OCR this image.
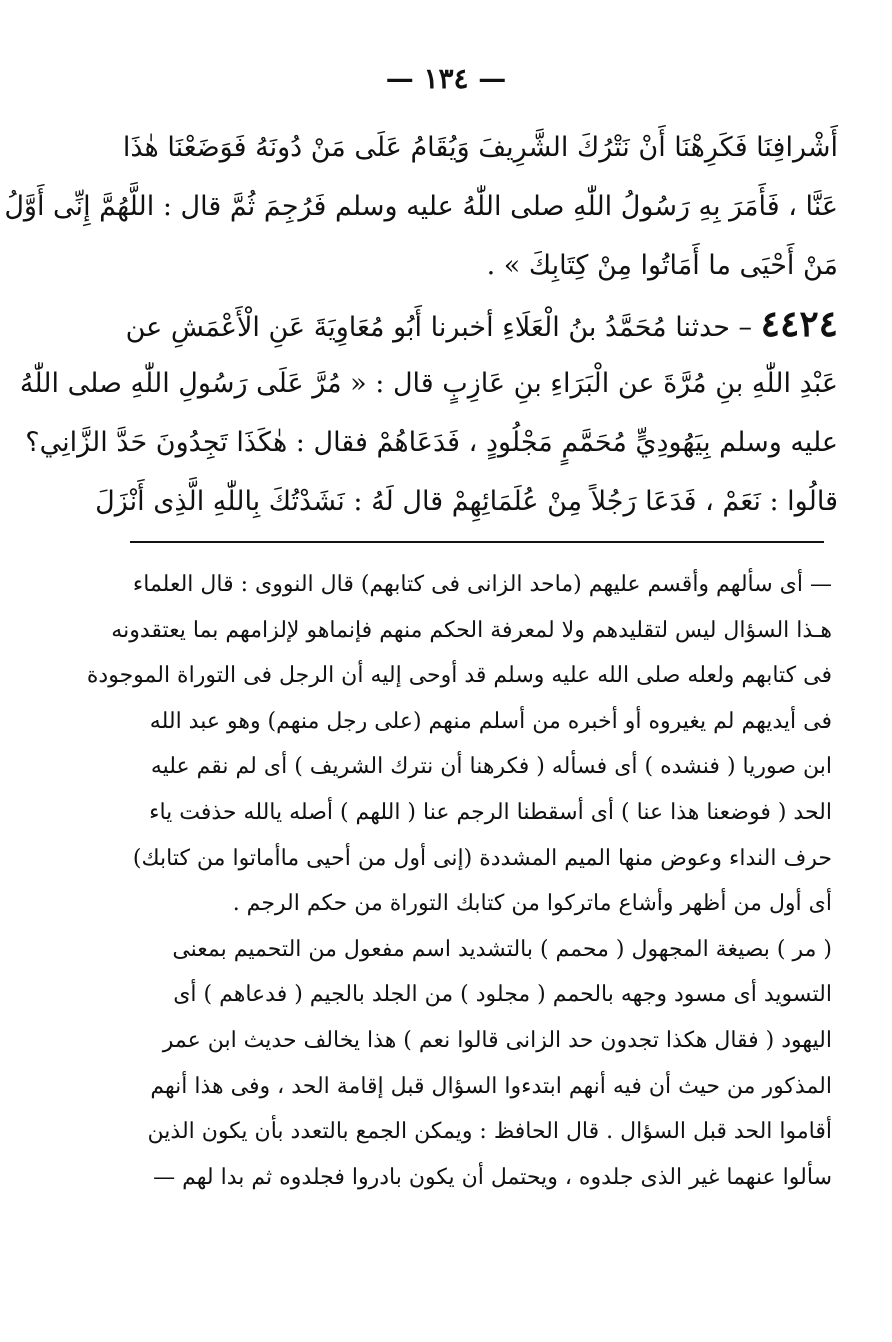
— ١٣٤ —
أَشْرافِنَا فَكَرِهْنَا أَنْ نَتْرُكَ الشَّرِيفَ وَيُقَامُ عَلَى مَنْ دُونَهُ فَوَضَعْنَا هٰذَا
عَنَّا ، فَأَمَرَ بِهِ رَسُولُ اللّٰهِ صلى اللّٰهُ عليه وسلم فَرُجِمَ ثُمَّ قال : اللَّهُمَّ إِنِّى أَوَّلُ
مَنْ أَحْيَى ما أَمَاتُوا مِنْ كِتَابِكَ » .
٤٤٢٤ – حدثنا مُحَمَّدُ بنُ الْعَلَاءِ أخبرنا أَبُو مُعَاوِيَةَ عَنِ الْأَعْمَشِ عن
عَبْدِ اللّٰهِ بنِ مُرَّةَ عن الْبَرَاءِ بنِ عَازِبٍ قال : « مُرَّ عَلَى رَسُولِ اللّٰهِ صلى اللّٰهُ
عليه وسلم بِيَهُودِيٍّ مُحَمَّمٍ مَجْلُودٍ ، فَدَعَاهُمْ فقال : هٰكَذَا تَجِدُونَ حَدَّ الزَّانِي؟
قالُوا : نَعَمْ ، فَدَعَا رَجُلاً مِنْ عُلَمَائِهِمْ قال لَهُ : نَشَدْتُكَ بِاللّٰهِ الَّذِى أَنْزَلَ
— أى سألهم وأقسم عليهم (ماحد الزانى فى كتابهم) قال النووى : قال العلماء
هـذا السؤال ليس لتقليدهم ولا لمعرفة الحكم منهم فإنماهو لإلزامهم بما يعتقدونه
فى كتابهم ولعله صلى الله عليه وسلم قد أوحى إليه أن الرجل فى التوراة الموجودة
فى أيديهم لم يغيروه أو أخبره من أسلم منهم (على رجل منهم) وهو عبد الله
ابن صوريا ( فنشده ) أى فسأله ( فكرهنا أن نترك الشريف ) أى لم نقم عليه
الحد ( فوضعنا هذا عنا ) أى أسقطنا الرجم عنا ( اللهم ) أصله يالله حذفت ياء
حرف النداء وعوض منها الميم المشددة (إنى أول من أحيى ماأماتوا من كتابك)
أى أول من أظهر وأشاع ماتركوا من كتابك التوراة من حكم الرجم .
( مر ) بصيغة المجهول ( محمم ) بالتشديد اسم مفعول من التحميم بمعنى
التسويد أى مسود وجهه بالحمم ( مجلود ) من الجلد بالجيم ( فدعاهم ) أى
اليهود ( فقال هكذا تجدون حد الزانى قالوا نعم ) هذا يخالف حديث ابن عمر
المذكور من حيث أن فيه أنهم ابتدءوا السؤال قبل إقامة الحد ، وفى هذا أنهم
أقاموا الحد قبل السؤال . قال الحافظ : ويمكن الجمع بالتعدد بأن يكون الذين
سألوا عنهما غير الذى جلدوه ، ويحتمل أن يكون بادروا فجلدوه ثم بدا لهم —
